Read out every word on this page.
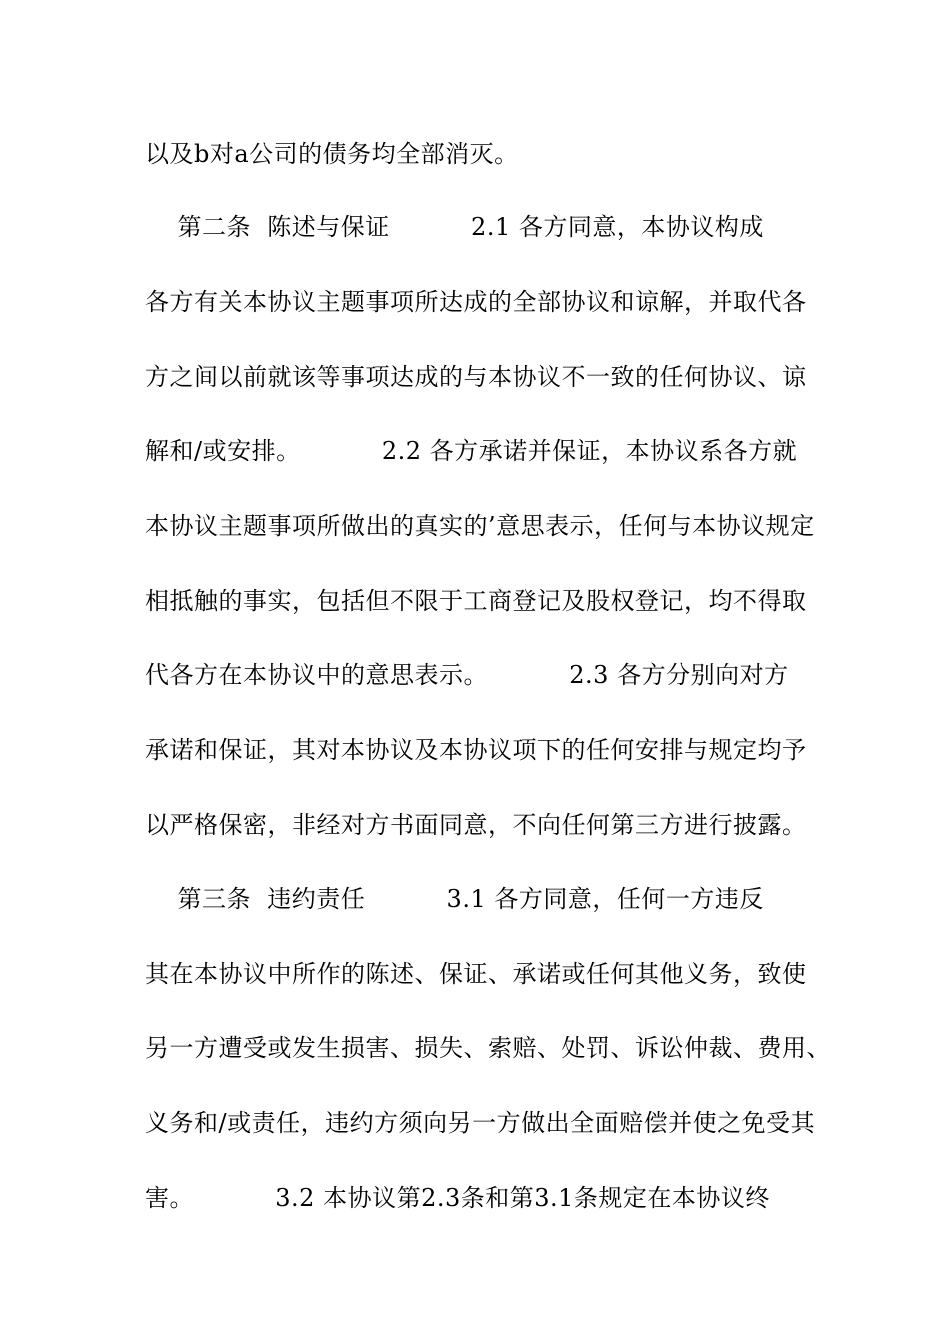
以及b对a公司的债务均全部消灭。
第二条  陈述与保证          2.1 各方同意，本协议构成
各方有关本协议主题事项所达成的全部协议和谅解，并取代各
方之间以前就该等事项达成的与本协议不一致的任何协议、谅
解和/或安排。          2.2 各方承诺并保证，本协议系各方就
本协议主题事项所做出的真实的’意思表示，任何与本协议规定
相抵触的事实，包括但不限于工商登记及股权登记，均不得取
代各方在本协议中的意思表示。          2.3 各方分别向对方
承诺和保证，其对本协议及本协议项下的任何安排与规定均予
以严格保密，非经对方书面同意，不向任何第三方进行披露。
第三条  违约责任          3.1 各方同意，任何一方违反
其在本协议中所作的陈述、保证、承诺或任何其他义务，致使
另一方遭受或发生损害、损失、索赔、处罚、诉讼仲裁、费用、
义务和/或责任，违约方须向另一方做出全面赔偿并使之免受其
害。          3.2 本协议第2.3条和第3.1条规定在本协议终
